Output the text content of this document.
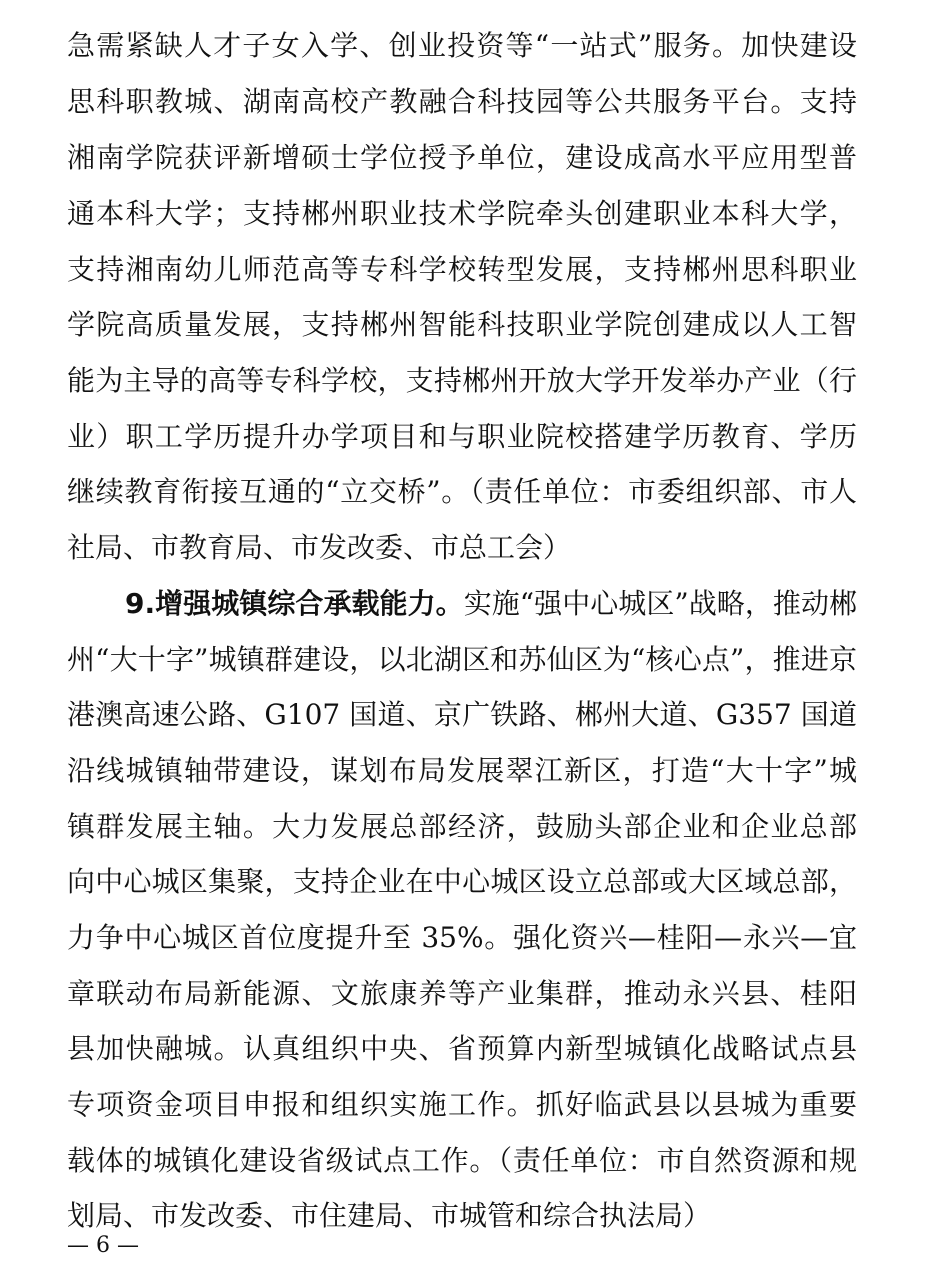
急需紧缺人才子女入学、创业投资等“一站式”服务。加快建设
思科职教城、湖南高校产教融合科技园等公共服务平台。支持
湘南学院获评新增硕士学位授予单位，建设成高水平应用型普
通本科大学；支持郴州职业技术学院牵头创建职业本科大学，
支持湘南幼儿师范高等专科学校转型发展，支持郴州思科职业
学院高质量发展，支持郴州智能科技职业学院创建成以人工智
能为主导的高等专科学校，支持郴州开放大学开发举办产业（行
业）职工学历提升办学项目和与职业院校搭建学历教育、学历
继续教育衔接互通的“立交桥”。（责任单位：市委组织部、市人
社局、市教育局、市发改委、市总工会）
9.增强城镇综合承载能力。实施“强中心城区”战略，推动郴
州“大十字”城镇群建设，以北湖区和苏仙区为“核心点”，推进京
港澳高速公路、G107 国道、京广铁路、郴州大道、G357 国道
沿线城镇轴带建设，谋划布局发展翠江新区，打造“大十字”城
镇群发展主轴。大力发展总部经济，鼓励头部企业和企业总部
向中心城区集聚，支持企业在中心城区设立总部或大区域总部，
力争中心城区首位度提升至 35%。强化资兴—桂阳—永兴—宜
章联动布局新能源、文旅康养等产业集群，推动永兴县、桂阳
县加快融城。认真组织中央、省预算内新型城镇化战略试点县
专项资金项目申报和组织实施工作。抓好临武县以县城为重要
载体的城镇化建设省级试点工作。（责任单位：市自然资源和规
划局、市发改委、市住建局、市城管和综合执法局）
— 6 —
